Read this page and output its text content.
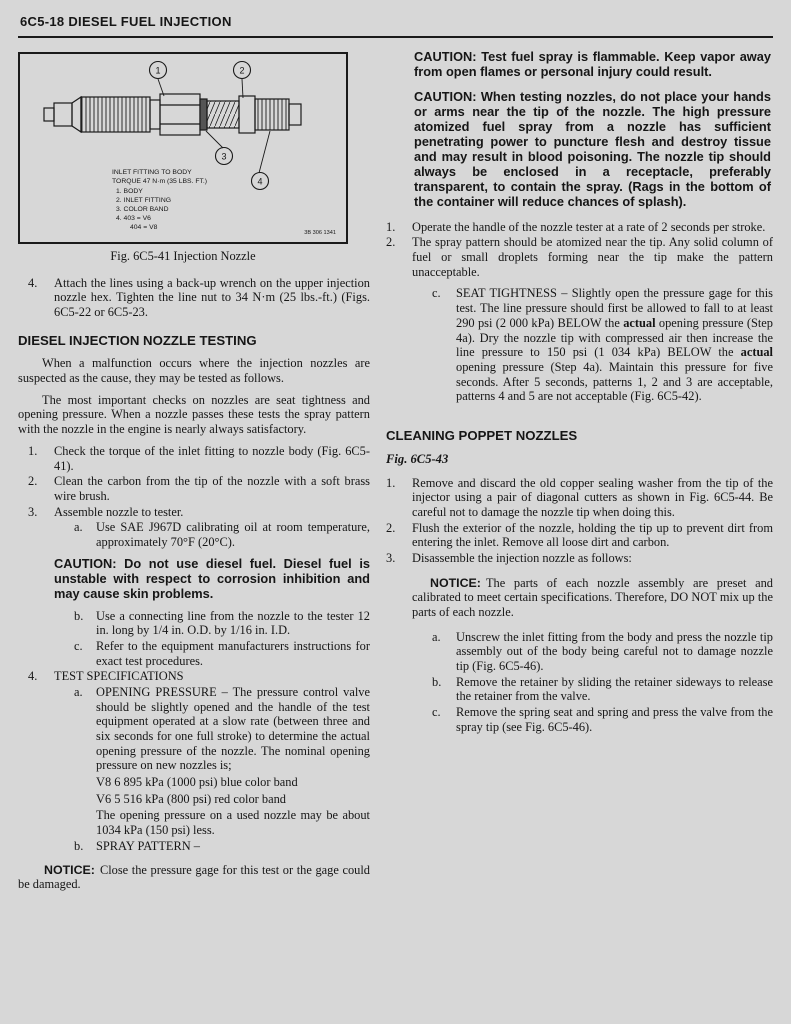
6C5-18 DIESEL FUEL INJECTION
1	2
3
4
INLET FITTING TO BODY
TORQUE 47 N·m (35 LBS. FT.)
1. BODY
2. INLET FITTING
3. COLOR BAND
4. 403 = V6
404 = V8
3B 306 1341
Fig. 6C5-41 Injection Nozzle
4.	Attach the lines using a back-up wrench on the upper injection nozzle hex. Tighten the line nut to 34 N·m (25 lbs.-ft.) (Figs. 6C5-22 or 6C5-23.
DIESEL INJECTION NOZZLE TESTING

When a malfunction occurs where the injection nozzles are suspected as the cause, they may be tested as follows.

The most important checks on nozzles are seat tightness and opening pressure. When a nozzle passes these tests the spray pattern with the nozzle in the engine is nearly always satisfactory.

1.	Check the torque of the inlet fitting to nozzle body (Fig. 6C5-41).
2.	Clean the carbon from the tip of the nozzle with a soft brass wire brush.
3.	Assemble nozzle to tester.
a.	Use SAE J967D calibrating oil at room temperature, approximately 70°F (20°C).
CAUTION: Do not use diesel fuel. Diesel fuel is unstable with respect to corrosion inhibition and may cause skin problems.
b.	Use a connecting line from the nozzle to the tester 12 in. long by 1/4 in. O.D. by 1/16 in. I.D.
c.	Refer to the equipment manufacturers instructions for exact test procedures.
4.	TEST SPECIFICATIONS
a.	OPENING PRESSURE – The pressure control valve should be slightly opened and the handle of the test equipment operated at a slow rate (between three and six seconds for one full stroke) to determine the actual opening pressure of the nozzle. The nominal opening pressure on new nozzles is;

V8 6 895 kPa (1000 psi) blue color band

V6 5 516 kPa (800 psi) red color band

The opening pressure on a used nozzle may be about 1034 kPa (150 psi) less.

b.	SPRAY PATTERN –

NOTICE: Close the pressure gage for this test or the gage could be damaged.

CAUTION: Test fuel spray is flammable. Keep vapor away from open flames or personal injury could result.
CAUTION: When testing nozzles, do not place your hands or arms near the tip of the nozzle. The high pressure atomized fuel spray from a nozzle has sufficient penetrating power to puncture flesh and destroy tissue and may result in blood poisoning. The nozzle tip should always be enclosed in a receptacle, preferably transparent, to contain the spray. (Rags in the bottom of the container will reduce chances of splash).
1.	Operate the handle of the nozzle tester at a rate of 2 seconds per stroke.
2.	The spray pattern should be atomized near the tip. Any solid column of fuel or small droplets forming near the tip make the pattern unacceptable.
c.	SEAT TIGHTNESS – Slightly open the pressure gage for this test. The line pressure should first be allowed to fall to at least 290 psi (2 000 kPa) BELOW the actual opening pressure (Step 4a). Dry the nozzle tip with compressed air then increase the line pressure to 150 psi (1 034 kPa) BELOW the actual opening pressure (Step 4a). Maintain this pressure for five seconds. After 5 seconds, patterns 1, 2 and 3 are acceptable, patterns 4 and 5 are not acceptable (Fig. 6C5-42).
CLEANING POPPET NOZZLES
Fig. 6C5-43
1.	Remove and discard the old copper sealing washer from the tip of the injector using a pair of diagonal cutters as shown in Fig. 6C5-44. Be careful not to damage the nozzle tip when doing this.
2.	Flush the exterior of the nozzle, holding the tip up to prevent dirt from entering the inlet. Remove all loose dirt and carbon.
3.	Disassemble the injection nozzle as follows:

NOTICE: The parts of each nozzle assembly are preset and calibrated to meet certain specifications. Therefore, DO NOT mix up the parts of each nozzle.

a.	Unscrew the inlet fitting from the body and press the nozzle tip assembly out of the body being careful not to damage nozzle tip (Fig. 6C5-46).
b.	Remove the retainer by sliding the retainer sideways to release the retainer from the valve.
c.	Remove the spring seat and spring and press the valve from the spray tip (see Fig. 6C5-46).
